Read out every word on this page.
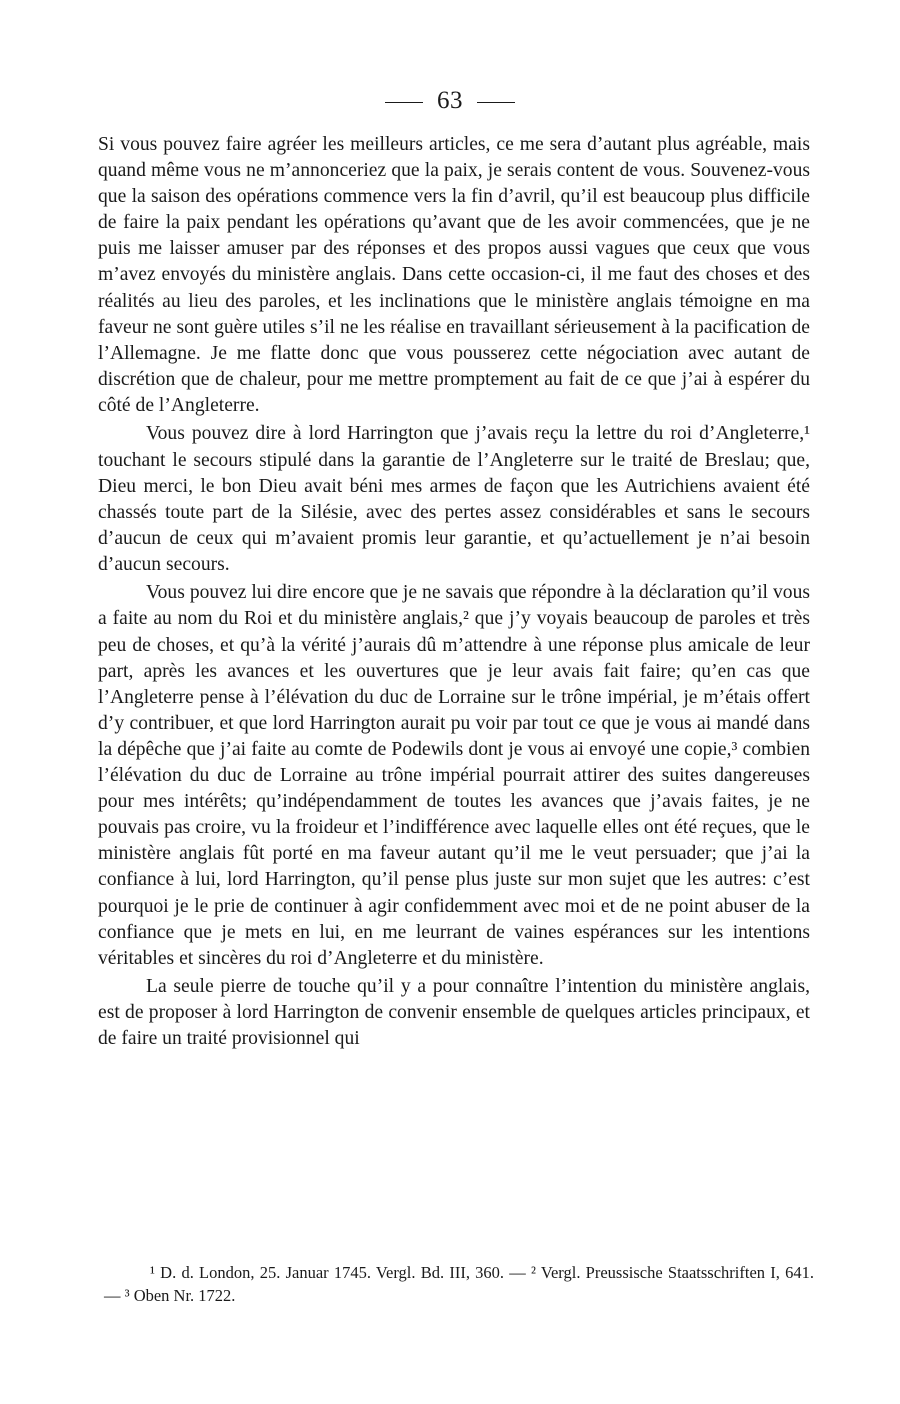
63

Si vous pouvez faire agréer les meilleurs articles, ce me sera d’autant plus agréable, mais quand même vous ne m’annonceriez que la paix, je serais content de vous. Souvenez-vous que la saison des opérations commence vers la fin d’avril, qu’il est beaucoup plus difficile de faire la paix pendant les opérations qu’avant que de les avoir commencées, que je ne puis me laisser amuser par des réponses et des propos aussi vagues que ceux que vous m’avez envoyés du ministère anglais. Dans cette occasion-ci, il me faut des choses et des réalités au lieu des paroles, et les inclinations que le ministère anglais témoigne en ma faveur ne sont guère utiles s’il ne les réalise en travaillant sérieusement à la pacification de l’Allemagne. Je me flatte donc que vous pousserez cette négociation avec autant de discrétion que de chaleur, pour me mettre promptement au fait de ce que j’ai à espérer du côté de l’Angleterre.

Vous pouvez dire à lord Harrington que j’avais reçu la lettre du roi d’Angleterre,¹ touchant le secours stipulé dans la garantie de l’Angleterre sur le traité de Breslau; que, Dieu merci, le bon Dieu avait béni mes armes de façon que les Autrichiens avaient été chassés toute part de la Silésie, avec des pertes assez considérables et sans le secours d’aucun de ceux qui m’avaient promis leur garantie, et qu’actuellement je n’ai besoin d’aucun secours.

Vous pouvez lui dire encore que je ne savais que répondre à la déclaration qu’il vous a faite au nom du Roi et du ministère anglais,² que j’y voyais beaucoup de paroles et très peu de choses, et qu’à la vérité j’aurais dû m’attendre à une réponse plus amicale de leur part, après les avances et les ouvertures que je leur avais fait faire; qu’en cas que l’Angleterre pense à l’élévation du duc de Lorraine sur le trône impérial, je m’étais offert d’y contribuer, et que lord Harrington aurait pu voir par tout ce que je vous ai mandé dans la dépêche que j’ai faite au comte de Podewils dont je vous ai envoyé une copie,³ combien l’élévation du duc de Lorraine au trône impérial pourrait attirer des suites dangereuses pour mes intérêts; qu’indépendamment de toutes les avances que j’avais faites, je ne pouvais pas croire, vu la froideur et l’indifférence avec laquelle elles ont été reçues, que le ministère anglais fût porté en ma faveur autant qu’il me le veut persuader; que j’ai la confiance à lui, lord Harrington, qu’il pense plus juste sur mon sujet que les autres: c’est pourquoi je le prie de continuer à agir confidemment avec moi et de ne point abuser de la confiance que je mets en lui, en me leurrant de vaines espérances sur les intentions véritables et sincères du roi d’Angleterre et du ministère.

La seule pierre de touche qu’il y a pour connaître l’intention du ministère anglais, est de proposer à lord Harrington de convenir ensemble de quelques articles principaux, et de faire un traité provisionnel qui

¹ D. d. London, 25. Januar 1745. Vergl. Bd. III, 360. — ² Vergl. Preussische Staatsschriften I, 641. — ³ Oben Nr. 1722.
